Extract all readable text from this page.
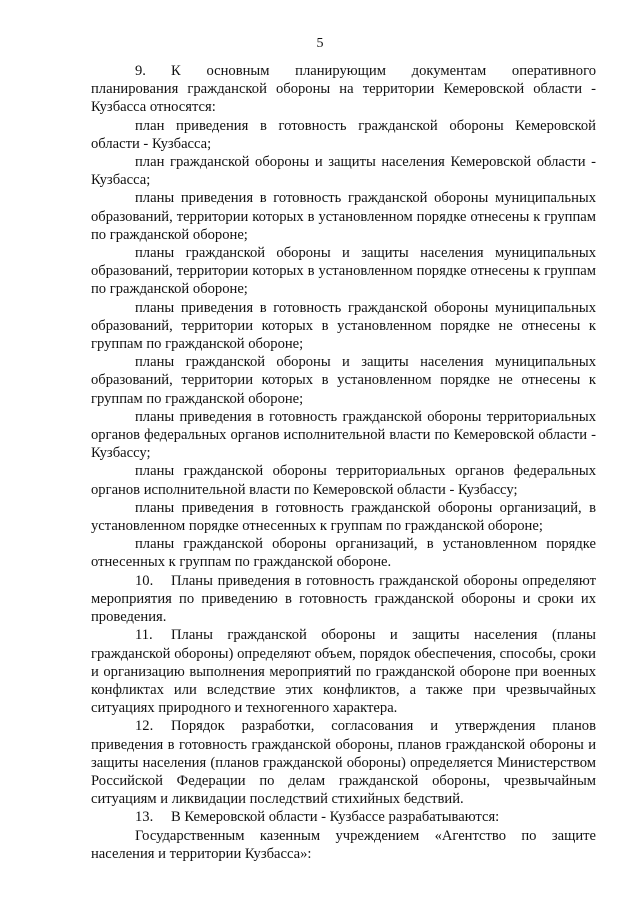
5

9. К основным планирующим документам оперативного планирования гражданской обороны на территории Кемеровской области - Кузбасса относятся:

план приведения в готовность гражданской обороны Кемеровской области - Кузбасса;

план гражданской обороны и защиты населения Кемеровской области - Кузбасса;

планы приведения в готовность гражданской обороны муниципальных образований, территории которых в установленном порядке отнесены к группам по гражданской обороне;

планы гражданской обороны и защиты населения муниципальных образований, территории которых в установленном порядке отнесены к группам по гражданской обороне;

планы приведения в готовность гражданской обороны муниципальных образований, территории которых в установленном порядке не отнесены к группам по гражданской обороне;

планы гражданской обороны и защиты населения муниципальных образований, территории которых в установленном порядке не отнесены к группам по гражданской обороне;

планы приведения в готовность гражданской обороны территориальных органов федеральных органов исполнительной власти по Кемеровской области - Кузбассу;

планы гражданской обороны территориальных органов федеральных органов исполнительной власти по Кемеровской области - Кузбассу;

планы приведения в готовность гражданской обороны организаций, в установленном порядке отнесенных к группам по гражданской обороне;

планы гражданской обороны организаций, в установленном порядке отнесенных к группам по гражданской обороне.

10. Планы приведения в готовность гражданской обороны определяют мероприятия по приведению в готовность гражданской обороны и сроки их проведения.

11. Планы гражданской обороны и защиты населения (планы гражданской обороны) определяют объем, порядок обеспечения, способы, сроки и организацию выполнения мероприятий по гражданской обороне при военных конфликтах или вследствие этих конфликтов, а также при чрезвычайных ситуациях природного и техногенного характера.

12. Порядок разработки, согласования и утверждения планов приведения в готовность гражданской обороны, планов гражданской обороны и защиты населения (планов гражданской обороны) определяется Министерством Российской Федерации по делам гражданской обороны, чрезвычайным ситуациям и ликвидации последствий стихийных бедствий.

13. В Кемеровской области - Кузбассе разрабатываются:

Государственным казенным учреждением «Агентство по защите населения и территории Кузбасса»:
